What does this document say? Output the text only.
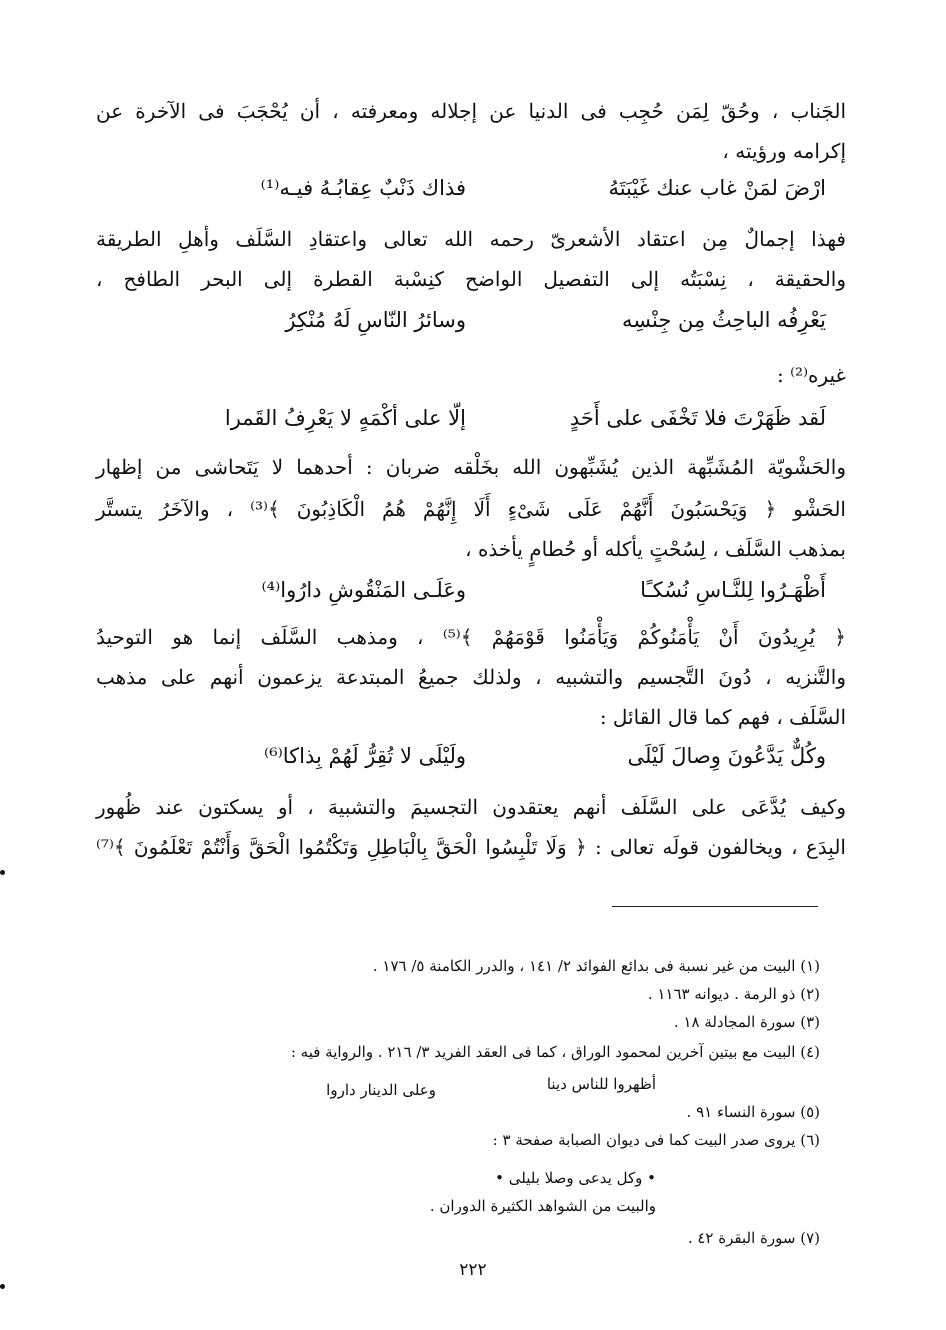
الجَناب ، وحُقّ لِمَن حُجِب فى الدنيا عن إجلاله ومعرفته ، أن يُحْجَبَ فى الآخرة عن
إكرامه ورؤيته ،
ارْضَ لمَنْ غاب عنك غَيْبَتَهُ
فذاك ذَنْبٌ عِقابُـهُ فيـه⁽¹⁾
فهذا إجمالٌ مِن اعتقاد الأشعرىّ رحمه الله تعالى واعتقادِ السَّلَف وأهلِ الطريقة
والحقيقة ، نِسْبَتُه إلى التفصيل الواضح كنِسْبة القطرة إلى البحر الطافح ،
يَعْرِفُه الباحِثُ مِن جِنْسِه
وسائرُ النّاسِ لَهُ مُنْكِرُ
غيره⁽²⁾ :
لَقد ظَهَرْتَ فلا تَخْفَى على أَحَدٍ
إلّا على أكْمَهٍ لا يَعْرِفُ القَمرا
والحَشْويّة المُشَبِّهة الذين يُشَبِّهون الله بخَلْقه ضربان : أحدهما لا يَتَحاشى من إظهار
الحَشْو ﴿ وَيَحْسَبُونَ أَنَّهُمْ عَلَى شَىْءٍ أَلَا إِنَّهُمْ هُمُ الْكَاذِبُونَ ﴾⁽³⁾ ، والآخَرُ يتستَّر
بمذهب السَّلَف ، لِسُحْتٍ يأكله أو حُطامٍ يأخذه ،
أَظْهَـرُوا لِلنَّـاسِ نُسُكـًا
وعَلَـى المَنْقُوشِ دارُوا⁽⁴⁾
﴿ يُرِيدُونَ أَنْ يَأْمَنُوكُمْ وَيَأْمَنُوا قَوْمَهُمْ ﴾⁽⁵⁾ ، ومذهب السَّلَف إنما هو التوحيدُ
والتَّنزيه ، دُونَ التَّجسيم والتشبيه ، ولذلك جميعُ المبتدعة يزعمون أنهم على مذهب
السَّلَف ، فهم كما قال القائل :
وكُلٌّ يَدَّعُونَ وِصالَ لَيْلَى
ولَيْلَى لا تُقِرُّ لَهُمْ بِذاكا⁽⁶⁾
وكيف يُدَّعَى على السَّلَف أنهم يعتقدون التجسيمَ والتشبيهَ ، أو يسكتون عند ظُهور
البِدَع ، ويخالفون قولَه تعالى : ﴿ وَلَا تَلْبِسُوا الْحَقَّ بِالْبَاطِلِ وَتَكْتُمُوا الْحَقَّ وَأَنْتُمْ تَعْلَمُونَ ﴾⁽⁷⁾
(١) البيت من غير نسبة فى بدائع الفوائد ٢/ ١٤١ ، والدرر الكامنة ٥/ ١٧٦ .
(٢) ذو الرمة . ديوانه ١١٦٣ .
(٣) سورة المجادلة ١٨ .
(٤) البيت مع بيتين آخرين لمحمود الوراق ، كما فى العقد الفريد ٣/ ٢١٦ . والرواية فيه :
أظهروا للناس دينا
وعلى الدينار داروا
(٥) سورة النساء ٩١ .
(٦) يروى صدر البيت كما فى ديوان الصبابة صفحة ٣ :
• وكل يدعى وصلا بليلى •
والبيت من الشواهد الكثيرة الدوران .
(٧) سورة البقرة ٤٢ .
٢٢٢
